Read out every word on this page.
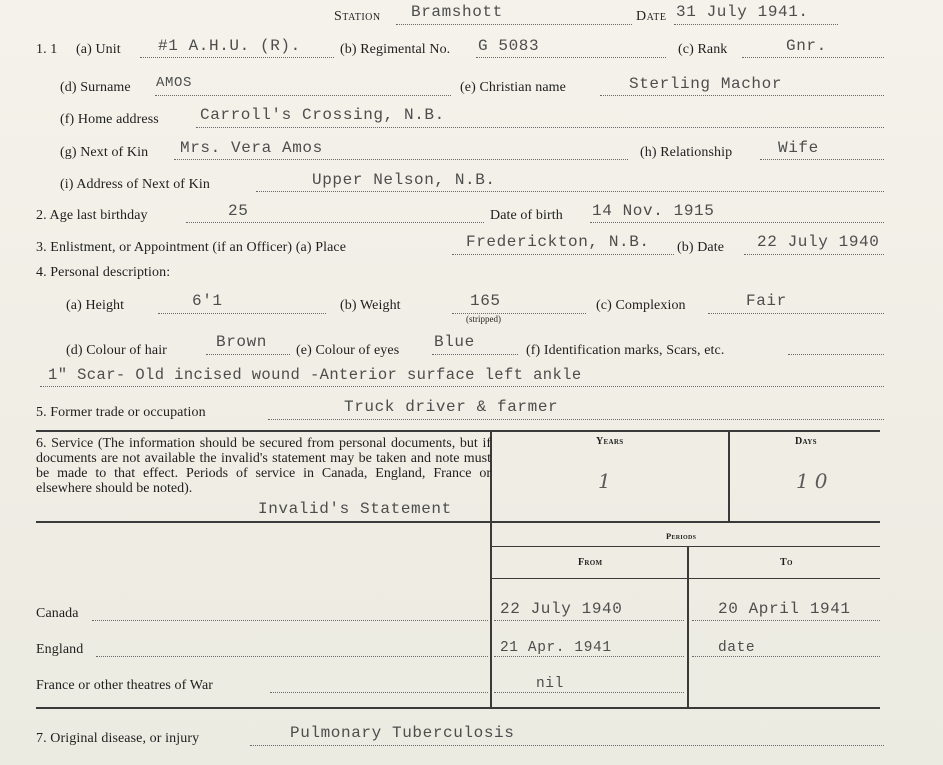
Station Bramshott	Date 31 July 1941.
1. 1 (a) Unit #1 A.H.U. (R).	(b) Regimental No. G 5083	(c) Rank	Gnr.
(d) Surname AMOS	(e) Christian name	Sterling Machor
(f) Home address	Carroll's Crossing, N.B.
(g) Next of Kin Mrs. Vera Amos	(h) Relationship	Wife
(i) Address of Next of Kin	Upper Nelson, N.B.
2. Age last birthday	25	Date of birth 14 Nov. 1915
3. Enlistment, or Appointment (if an Officer) (a) Place	Frederickton, N.B. (b) Date 22 July 1940
4. Personal description:
(a) Height	6'1	(b) Weight	165
(stripped)
(c) Complexion	Fair
(d) Colour of hair	Brown (e) Colour of eyes Blue	(f) Identification marks, Scars, etc.
1" Scar- Old incised wound -Anterior surface left ankle
5. Former trade or occupation	Truck driver & farmer
6. Service (The information should be secured from personal documents, but if documents are not available the invalid's statement may be taken and note must be made to that effect. Periods of service in Canada, England, France or elsewhere should be noted).
Invalid's Statement
Years	Days
1	10
Periods
From	To
Canada	22 July 1940	20 April 1941
England	21 Apr. 1941	date
France or other theatres of War	nil
7. Original disease, or injury	Pulmonary Tuberculosis
